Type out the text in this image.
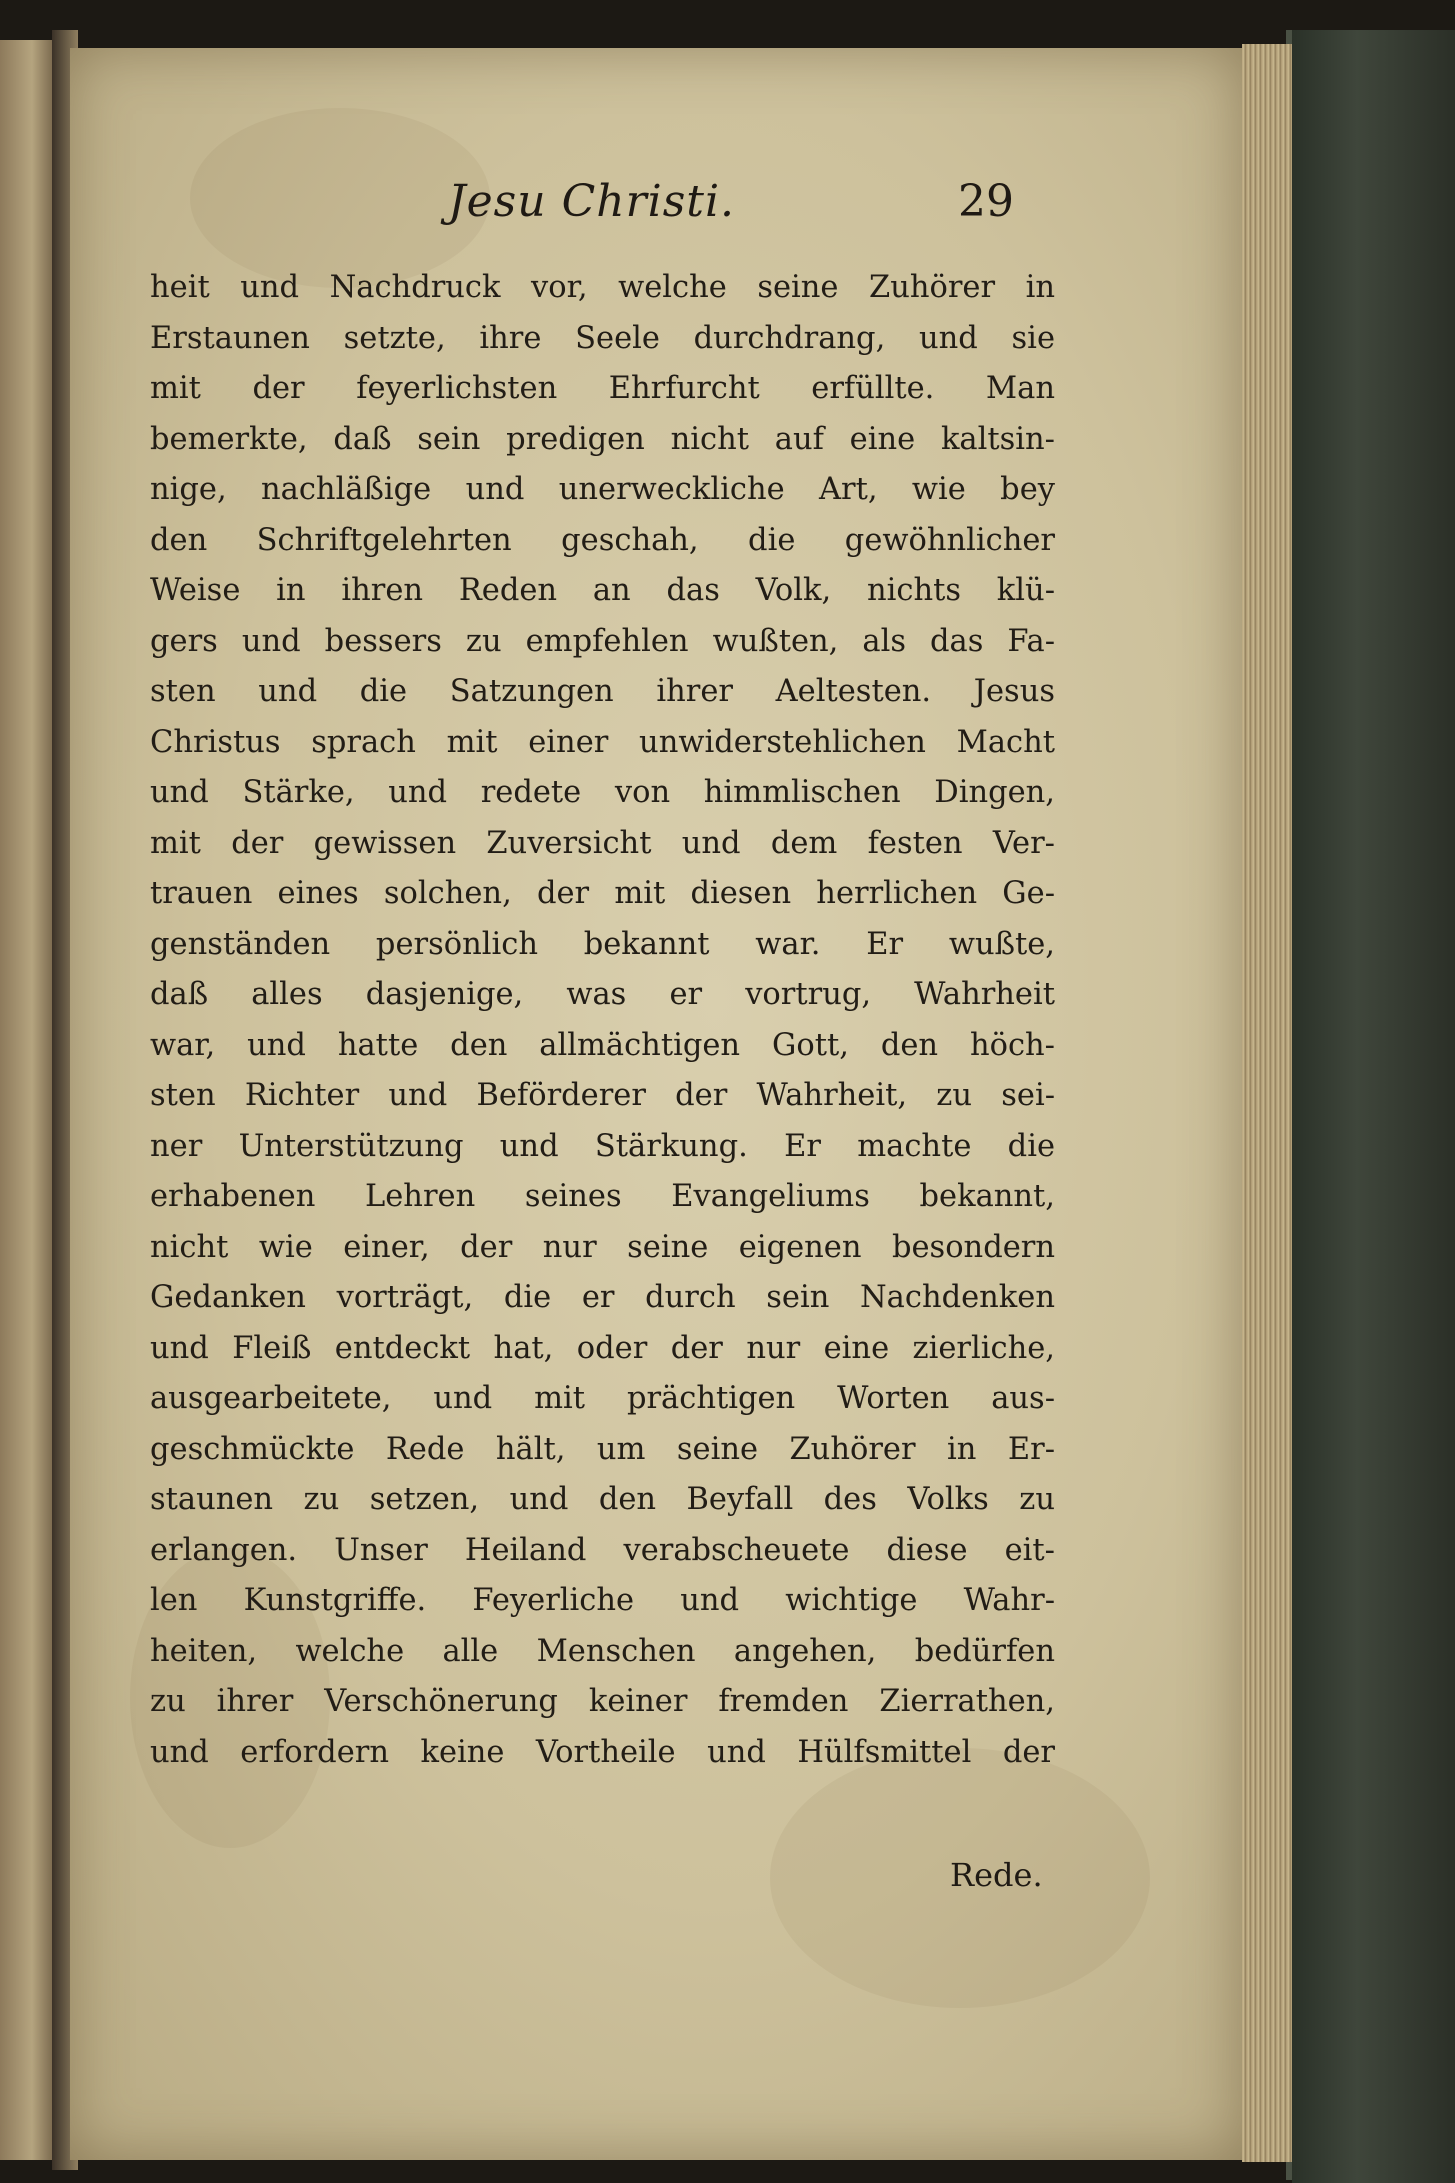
Jesu Christi.	29
heit und Nachdruck vor, welche seine Zuhörer in
Erstaunen setzte, ihre Seele durchdrang, und sie
mit der feyerlichsten Ehrfurcht erfüllte. Man
bemerkte, daß sein predigen nicht auf eine kaltsin-
nige, nachläßige und unerweckliche Art, wie bey
den Schriftgelehrten geschah, die gewöhnlicher
Weise in ihren Reden an das Volk, nichts klü-
gers und bessers zu empfehlen wußten, als das Fa-
sten und die Satzungen ihrer Aeltesten. Jesus
Christus sprach mit einer unwiderstehlichen Macht
und Stärke, und redete von himmlischen Dingen,
mit der gewissen Zuversicht und dem festen Ver-
trauen eines solchen, der mit diesen herrlichen Ge-
genständen persönlich bekannt war. Er wußte,
daß alles dasjenige, was er vortrug, Wahrheit
war, und hatte den allmächtigen Gott, den höch-
sten Richter und Beförderer der Wahrheit, zu sei-
ner Unterstützung und Stärkung. Er machte die
erhabenen Lehren seines Evangeliums bekannt,
nicht wie einer, der nur seine eigenen besondern
Gedanken vorträgt, die er durch sein Nachdenken
und Fleiß entdeckt hat, oder der nur eine zierliche,
ausgearbeitete, und mit prächtigen Worten aus-
geschmückte Rede hält, um seine Zuhörer in Er-
staunen zu setzen, und den Beyfall des Volks zu
erlangen. Unser Heiland verabscheuete diese eit-
len Kunstgriffe. Feyerliche und wichtige Wahr-
heiten, welche alle Menschen angehen, bedürfen
zu ihrer Verschönerung keiner fremden Zierrathen,
und erfordern keine Vortheile und Hülfsmittel der
Rede.
